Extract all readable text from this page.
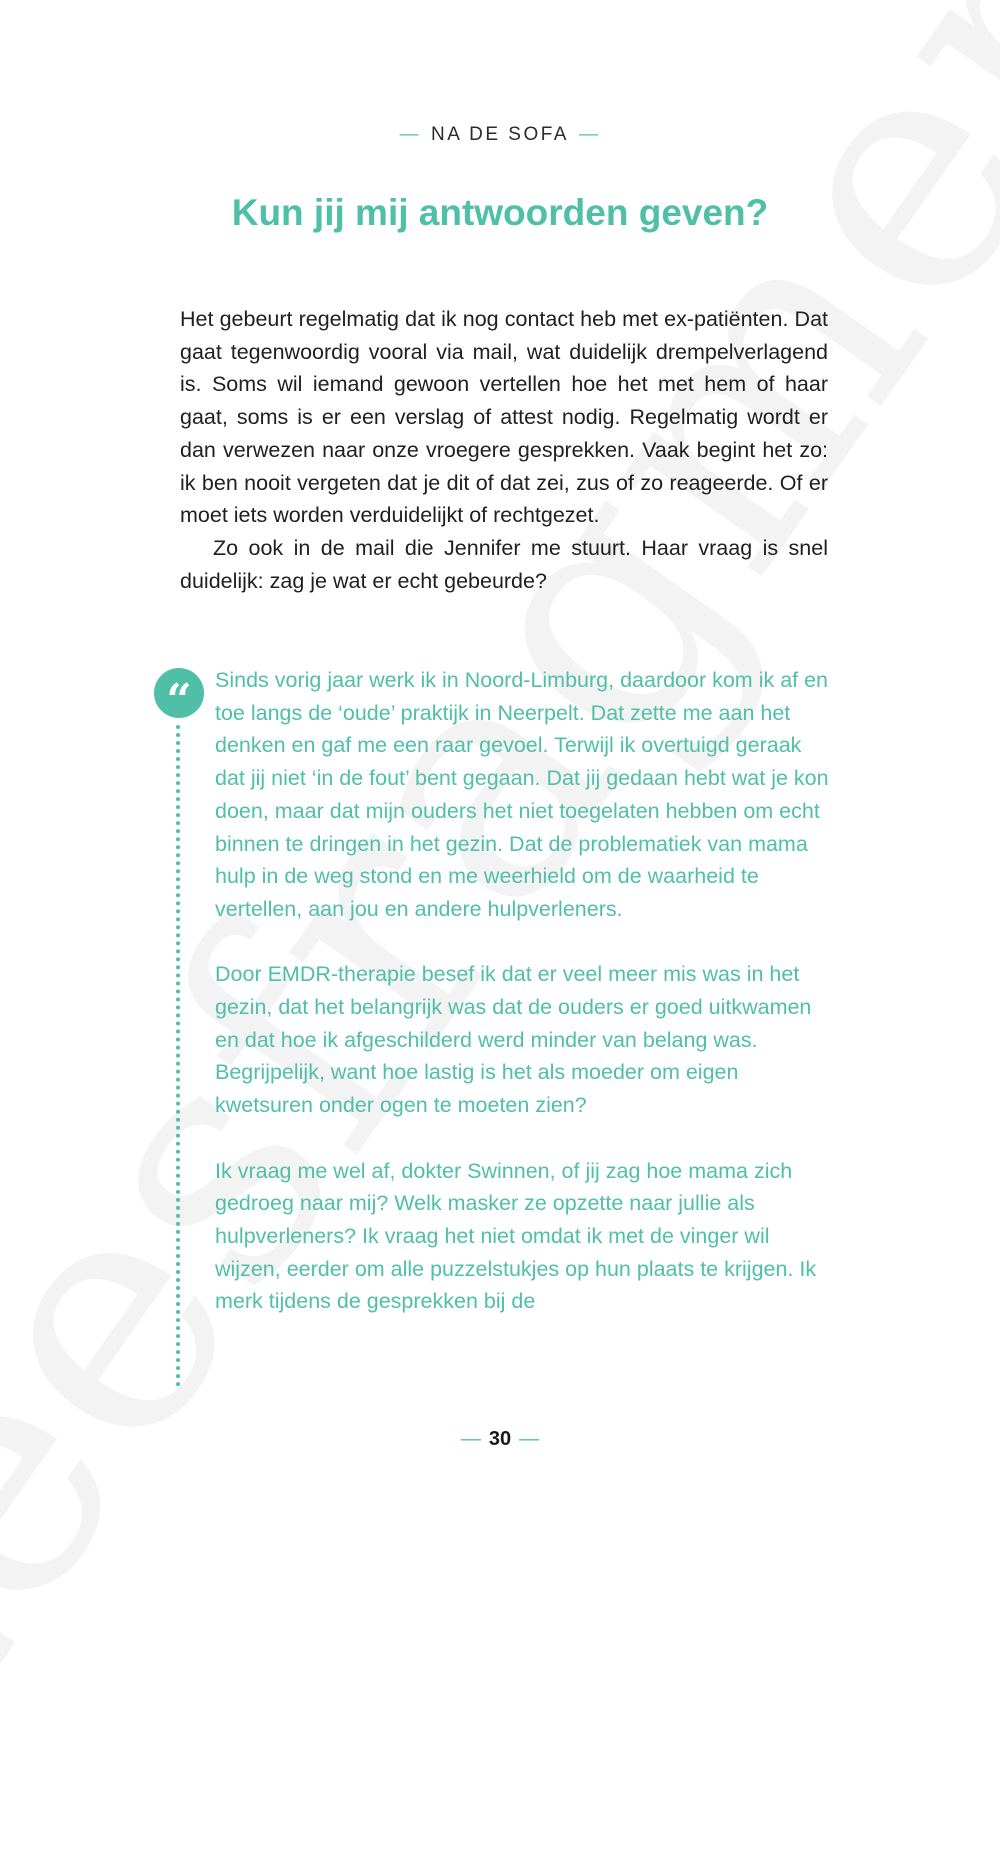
— NA DE SOFA —
Kun jij mij antwoorden geven?

Het gebeurt regelmatig dat ik nog contact heb met ex-patiënten. Dat gaat tegenwoordig vooral via mail, wat duidelijk drempelverlagend is. Soms wil iemand gewoon vertellen hoe het met hem of haar gaat, soms is er een verslag of attest nodig. Regelmatig wordt er dan verwezen naar onze vroegere gesprekken. Vaak begint het zo: ik ben nooit vergeten dat je dit of dat zei, zus of zo reageerde. Of er moet iets worden verduidelijkt of rechtgezet.

Zo ook in de mail die Jennifer me stuurt. Haar vraag is snel duidelijk: zag je wat er echt gebeurde?

“	Sinds vorig jaar werk ik in Noord-Limburg, daardoor kom ik af en toe langs de ‘oude’ praktijk in Neerpelt. Dat zette me aan het denken en gaf me een raar gevoel. Terwijl ik overtuigd geraak dat jij niet ‘in de fout’ bent gegaan. Dat jij gedaan hebt wat je kon doen, maar dat mijn ouders het niet toegelaten hebben om echt binnen te dringen in het gezin. Dat de problematiek van mama hulp in de weg stond en me weerhield om de waarheid te vertellen, aan jou en andere hulpverleners.

Door EMDR-therapie besef ik dat er veel meer mis was in het gezin, dat het belangrijk was dat de ouders er goed uitkwamen en dat hoe ik afgeschilderd werd minder van belang was. Begrijpelijk, want hoe lastig is het als moeder om eigen kwetsuren onder ogen te moeten zien?

Ik vraag me wel af, dokter Swinnen, of jij zag hoe mama zich gedroeg naar mij? Welk masker ze opzette naar jullie als hulpverleners? Ik vraag het niet omdat ik met de vinger wil wijzen, eerder om alle puzzelstukjes op hun plaats te krijgen. Ik merk tijdens de gesprekken bij de

— 30 —
